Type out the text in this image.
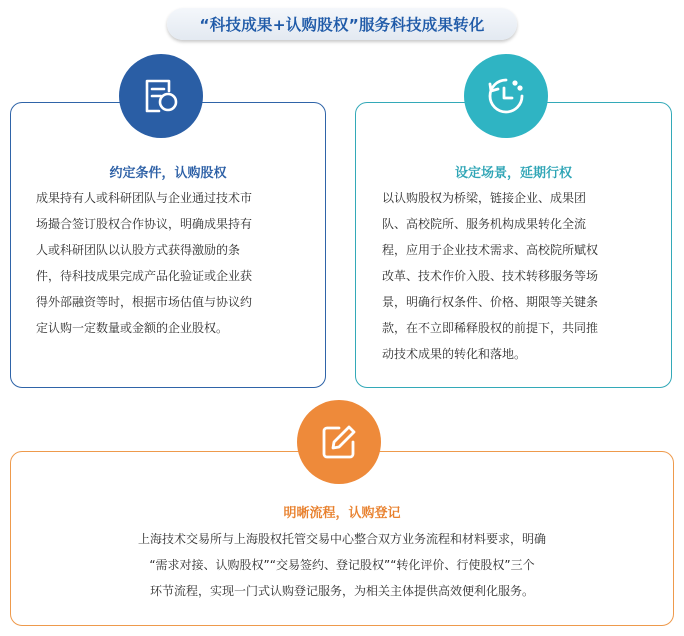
“科技成果+认购股权”服务科技成果转化
约定条件，认购股权
成果持有人或科研团队与企业通过技术市
场撮合签订股权合作协议，明确成果持有
人或科研团队以认股方式获得激励的条
件，待科技成果完成产品化验证或企业获
得外部融资等时，根据市场估值与协议约
定认购一定数量或金额的企业股权。
设定场景，延期行权
以认购股权为桥梁，链接企业、成果团
队、高校院所、服务机构成果转化全流
程，应用于企业技术需求、高校院所赋权
改革、技术作价入股、技术转移服务等场
景，明确行权条件、价格、期限等关键条
款，在不立即稀释股权的前提下，共同推
动技术成果的转化和落地。
明晰流程，认购登记
上海技术交易所与上海股权托管交易中心整合双方业务流程和材料要求，明确
“需求对接、认购股权”“交易签约、登记股权”“转化评价、行使股权”三个
环节流程，实现一门式认购登记服务，为相关主体提供高效便利化服务。
